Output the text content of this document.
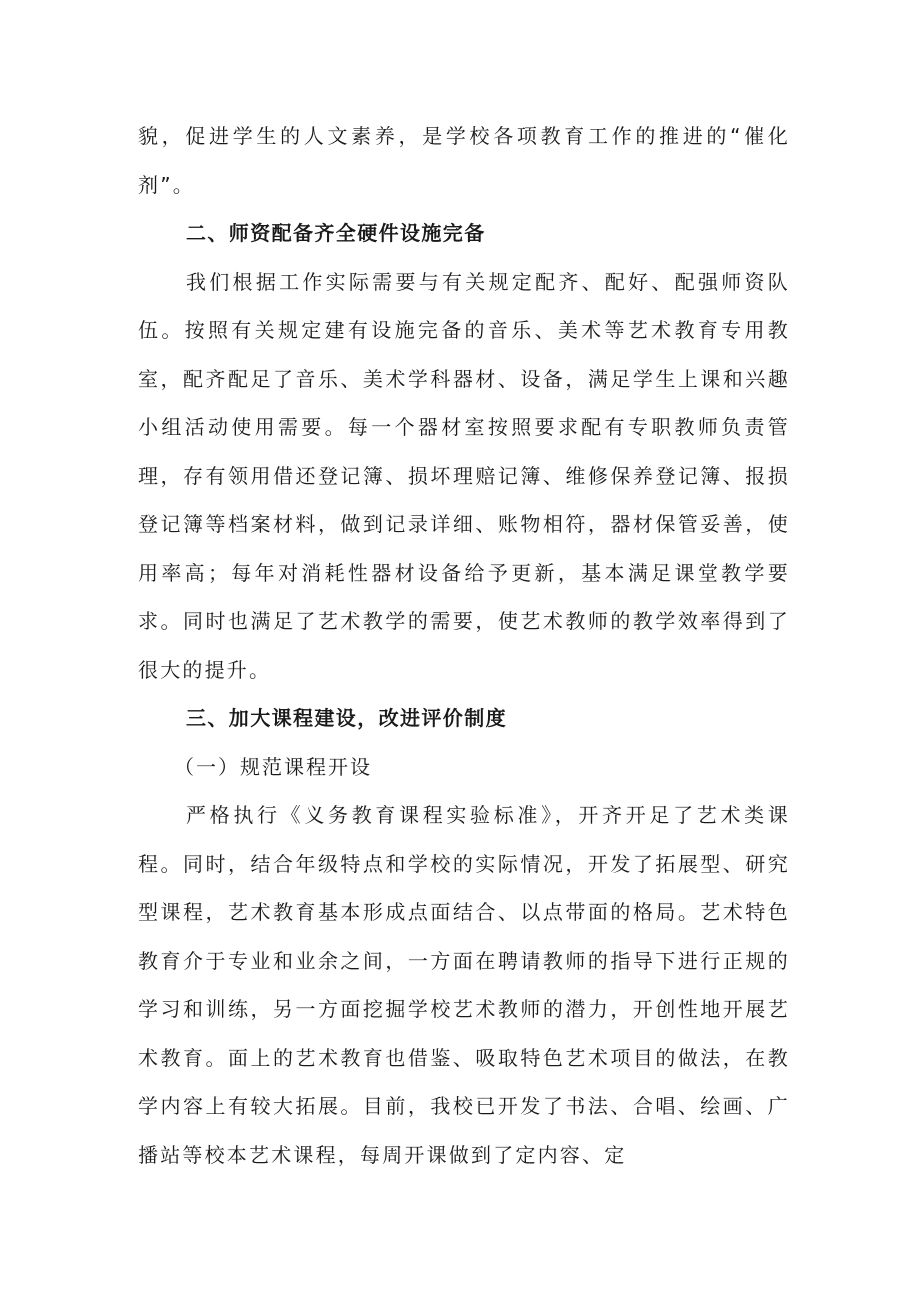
貌，促进学生的人文素养，是学校各项教育工作的推进的“催化剂”。

二、师资配备齐全硬件设施完备

我们根据工作实际需要与有关规定配齐、配好、配强师资队伍。按照有关规定建有设施完备的音乐、美术等艺术教育专用教室，配齐配足了音乐、美术学科器材、设备，满足学生上课和兴趣小组活动使用需要。每一个器材室按照要求配有专职教师负责管理，存有领用借还登记簿、损坏理赔记簿、维修保养登记簿、报损登记簿等档案材料，做到记录详细、账物相符，器材保管妥善，使用率高；每年对消耗性器材设备给予更新，基本满足课堂教学要求。同时也满足了艺术教学的需要，使艺术教师的教学效率得到了很大的提升。

三、加大课程建设，改进评价制度

（一）规范课程开设

严格执行《义务教育课程实验标准》，开齐开足了艺术类课程。同时，结合年级特点和学校的实际情况，开发了拓展型、研究型课程，艺术教育基本形成点面结合、以点带面的格局。艺术特色教育介于专业和业余之间，一方面在聘请教师的指导下进行正规的学习和训练，另一方面挖掘学校艺术教师的潜力，开创性地开展艺术教育。面上的艺术教育也借鉴、吸取特色艺术项目的做法，在教学内容上有较大拓展。目前，我校已开发了书法、合唱、绘画、广播站等校本艺术课程，每周开课做到了定内容、定
